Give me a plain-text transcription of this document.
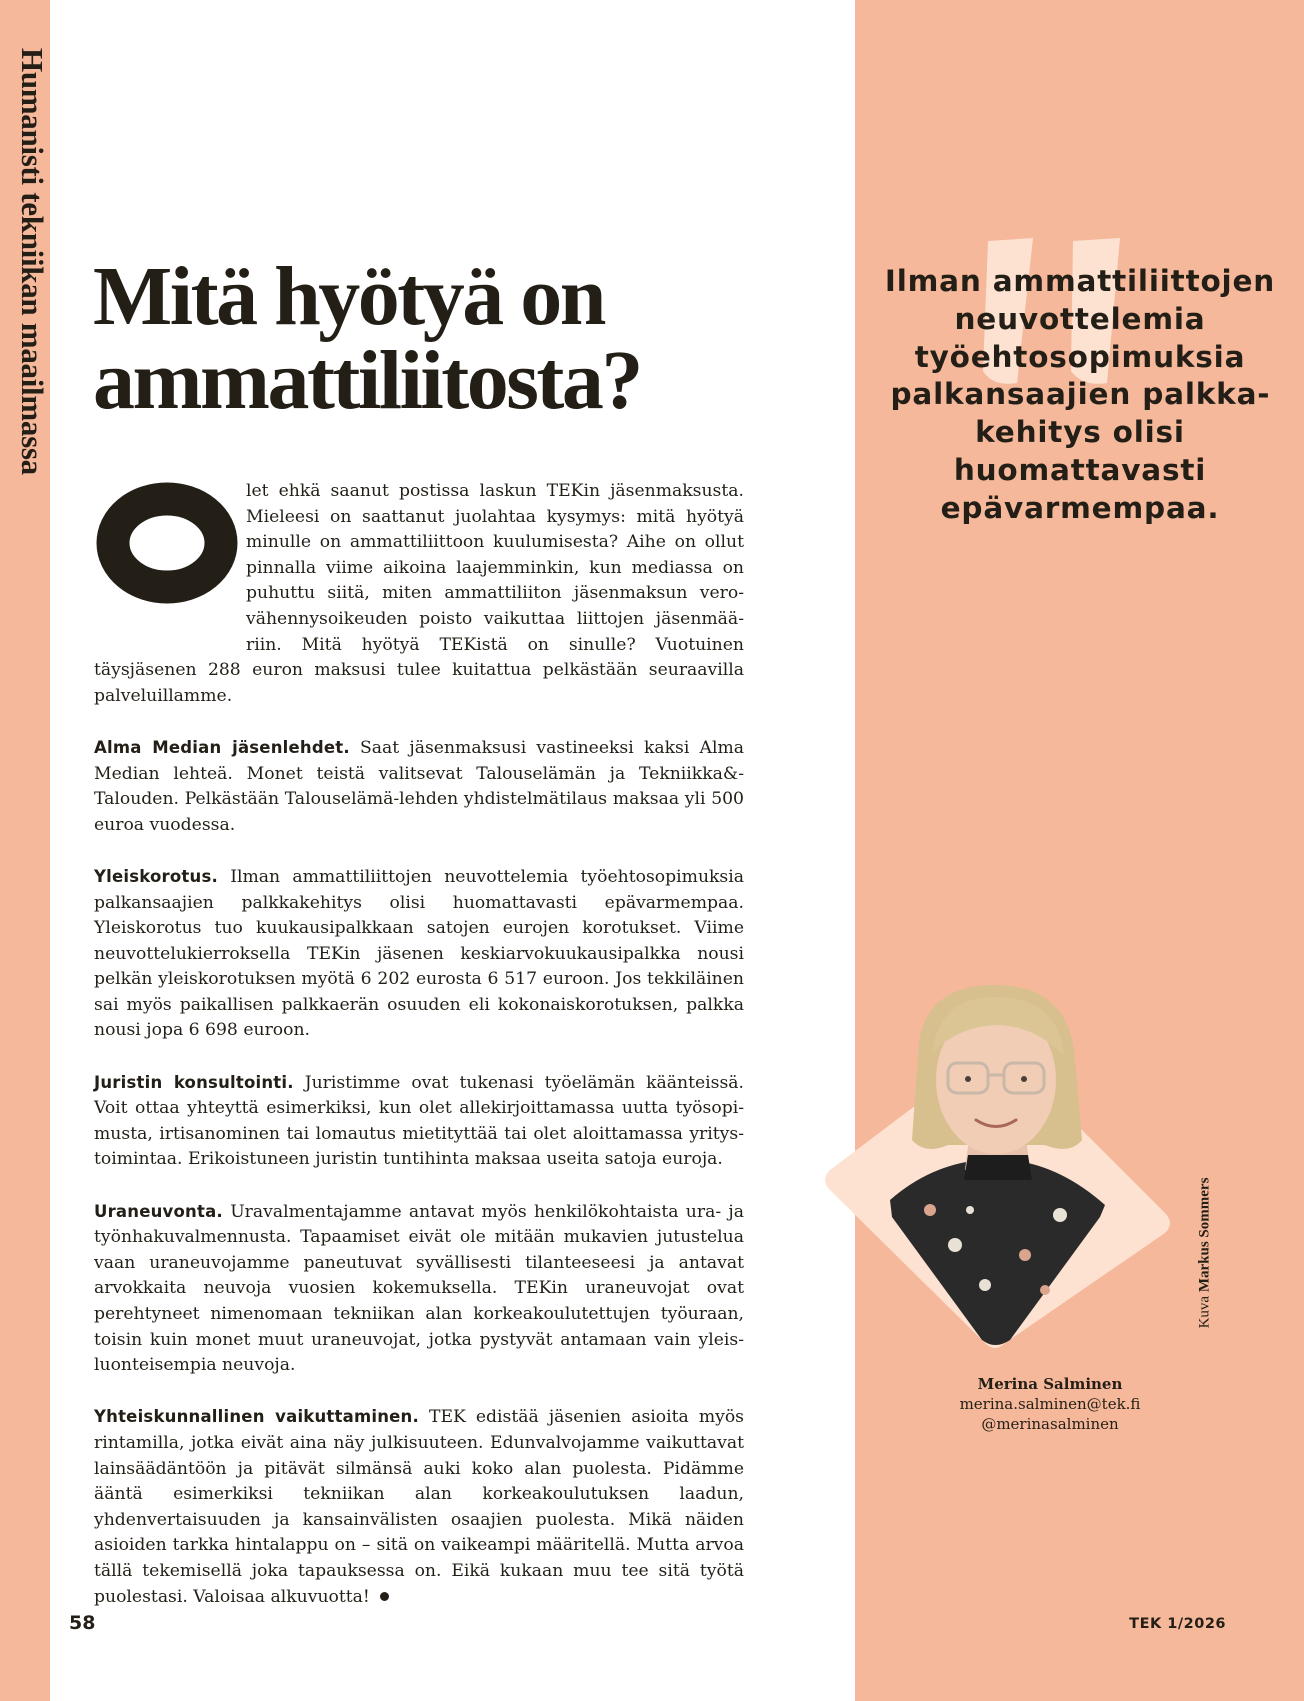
Humanisti tekniikan maailmassa Mitä hyötyä on ammattiliitosta?

let ehkä saanut postissa laskun TEKin jäsenmaksusta. Mieleesi on saattanut juolahtaa kysymys: mitä hyötyä minulle on ammattiliittoon kuulumisesta? Aihe on ollut pinnalla viime aikoina laajemminkin, kun mediassa on puhuttu siitä, miten ammattiliiton jäsenmaksun verovähennysoikeuden poisto vaikuttaa liittojen jäsenmääriin. Mitä hyötyä TEKistä on sinulle? Vuotuinen täysjäsenen 288 euron maksusi tulee kuitattua pelkästään seuraavilla palveluillamme.

Alma Median jäsenlehdet. Saat jäsenmaksusi vastineeksi kaksi Alma Median lehteä. Monet teistä valitsevat Talouselämän ja Tekniikka&Talouden. Pelkästään Talouselämä-lehden yhdistelmätilaus maksaa yli 500 euroa vuodessa.

Yleiskorotus. Ilman ammattiliittojen neuvottelemia työehtosopimuksia palkansaajien palkkakehitys olisi huomattavasti epävarmempaa. Yleiskorotus tuo kuukausipalkkaan satojen eurojen korotukset. Viime neuvottelukierroksella TEKin jäsenen keskiarvokuukausipalkka nousi pelkän yleiskorotuksen myötä 6 202 eurosta 6 517 euroon. Jos tekkiläinen sai myös paikallisen palkkaerän osuuden eli kokonaiskorotuksen, palkka nousi jopa 6 698 euroon.

Juristin konsultointi. Juristimme ovat tukenasi työelämän käänteissä. Voit ottaa yhteyttä esimerkiksi, kun olet allekirjoittamassa uutta työsopimusta, irtisanominen tai lomautus mietityttää tai olet aloittamassa yritystoimintaa. Erikoistuneen juristin tuntihinta maksaa useita satoja euroja.

Uraneuvonta. Uravalmentajamme antavat myös henkilökohtaista ura- ja työnhakuvalmennusta. Tapaamiset eivät ole mitään mukavien jutustelua vaan uraneuvojamme paneutuvat syvällisesti tilanteeseesi ja antavat arvokkaita neuvoja vuosien kokemuksella. TEKin uraneuvojat ovat perehtyneet nimenomaan tekniikan alan korkeakoulutettujen työuraan, toisin kuin monet muut uraneuvojat, jotka pystyvät antamaan vain yleisluonteisempia neuvoja.

Yhteiskunnallinen vaikuttaminen. TEK edistää jäsenien asioita myös rintamilla, jotka eivät aina näy julkisuuteen. Edunvalvojamme vaikuttavat lainsäädäntöön ja pitävät silmänsä auki koko alan puolesta. Pidämme ääntä esimerkiksi tekniikan alan korkeakoulutuksen laadun, yhdenvertaisuuden ja kansainvälisten osaajien puolesta. Mikä näiden asioiden tarkka hintalappu on – sitä on vaikeampi määritellä. Mutta arvoa tällä tekemisellä joka tapauksessa on. Eikä kukaan muu tee sitä työtä puolestasi. Valoisaa alkuvuotta!

Ilman ammattiliittojen neuvottelemia työehtosopimuksia palkansaajien palkkakehitys olisi huomattavasti epävarmempaa.

Kuva Markus Sommers
Merina Salminen
merina.salminen@tek.fi
@merinasalminen
58	TEK 1/2026
